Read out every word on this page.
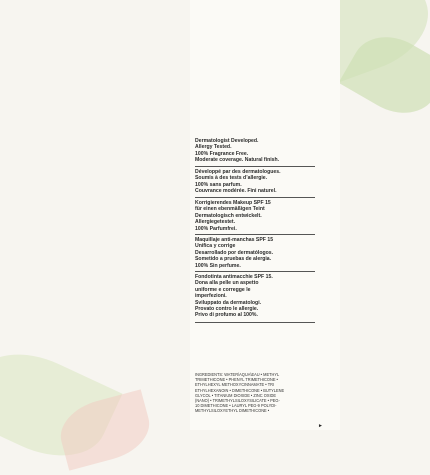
Dermatologist Developed.
Allergy Tested.
100% Fragrance Free.
Moderate coverage. Natural finish.
Développé par des dermatologues.
Soumis à des tests d’allergie.
100% sans parfum.
Couvrance modérée. Fini naturel.
Korrigierendes Makeup SPF 15
für einen ebenmäßigen Teint
Dermatologisch entwickelt.
Allergiegetestet.
100% Parfumfrei.
Maquillaje anti-manchas SPF 15
Unifica y corrige
Desarrollado por dermatólogos.
Sometido a pruebas de alergia.
100% Sin perfume.
Fondotinta antimacchie SPF 15.
Dona alla pelle un aspetto
uniforme e corregge le
imperfezioni.
Sviluppato da dermatologi.
Provato contro le allergie.
Privo di profumo al 100%.
INGREDIENTS: WATER\AQUA\EAU • METHYL
TRIMETHICONE • PHENYL TRIMETHICONE •
ETHYLHEXYL METHOXYCINNAMATE • TRI
ETHYLHEXANOIN • DIMETHICONE • BUTYLENE
GLYCOL • TITANIUM DIOXIDE • ZINC OXIDE
(NANO) • TRIMETHYLSILOXYSILICATE • PEG-
10 DIMETHICONE • LAURYL PEG-9 POLYDI-
METHYLSILOXYETHYL DIMETHICONE •
►
